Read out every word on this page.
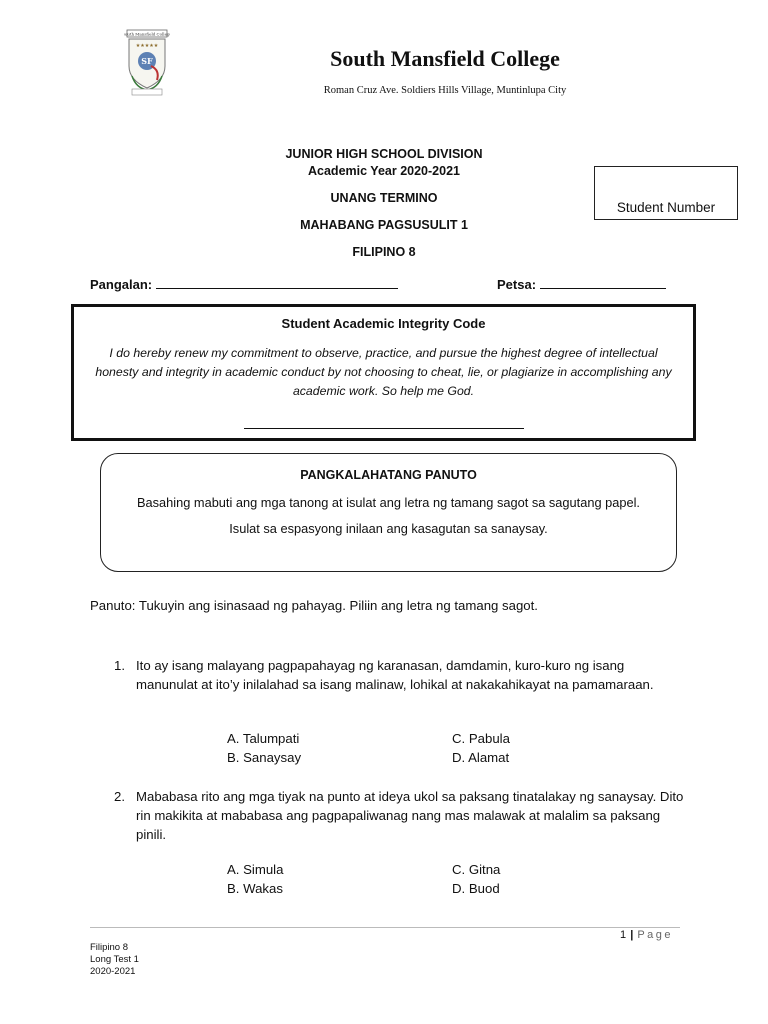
South Mansfield College
★★★★★
SF	South Mansfield College
Roman Cruz Ave. Soldiers Hills Village, Muntinlupa City
JUNIOR HIGH SCHOOL DIVISION
Academic Year 2020-2021
UNANG TERMINO
MAHABANG PAGSUSULIT 1
FILIPINO 8
Student Number
Pangalan:	Petsa:
Student Academic Integrity Code
I do hereby renew my commitment to observe, practice, and pursue the highest degree of intellectual honesty and integrity in academic conduct by not choosing to cheat, lie, or plagiarize in accomplishing any academic work. So help me God.
PANGKALAHATANG PANUTO

Basahing mabuti ang mga tanong at isulat ang letra ng tamang sagot sa sagutang papel.

Isulat sa espasyong inilaan ang kasagutan sa sanaysay.

Panuto: Tukuyin ang isinasaad ng pahayag. Piliin ang letra ng tamang sagot.
1. Ito ay isang malayang pagpapahayag ng karanasan, damdamin, kuro-kuro ng isang manunulat at ito’y inilalahad sa isang malinaw, lohikal at nakakahikayat na pamamaraan.
A. Talumpati
B. Sanaysay
C. Pabula
D. Alamat
2. Mababasa rito ang mga tiyak na punto at ideya ukol sa paksang tinatalakay ng sanaysay. Dito rin makikita at mababasa ang pagpapaliwanag nang mas malawak at malalim sa paksang pinili.
A. Simula
B. Wakas
C. Gitna
D. Buod
1 | Page
Filipino 8
Long Test 1
2020-2021
